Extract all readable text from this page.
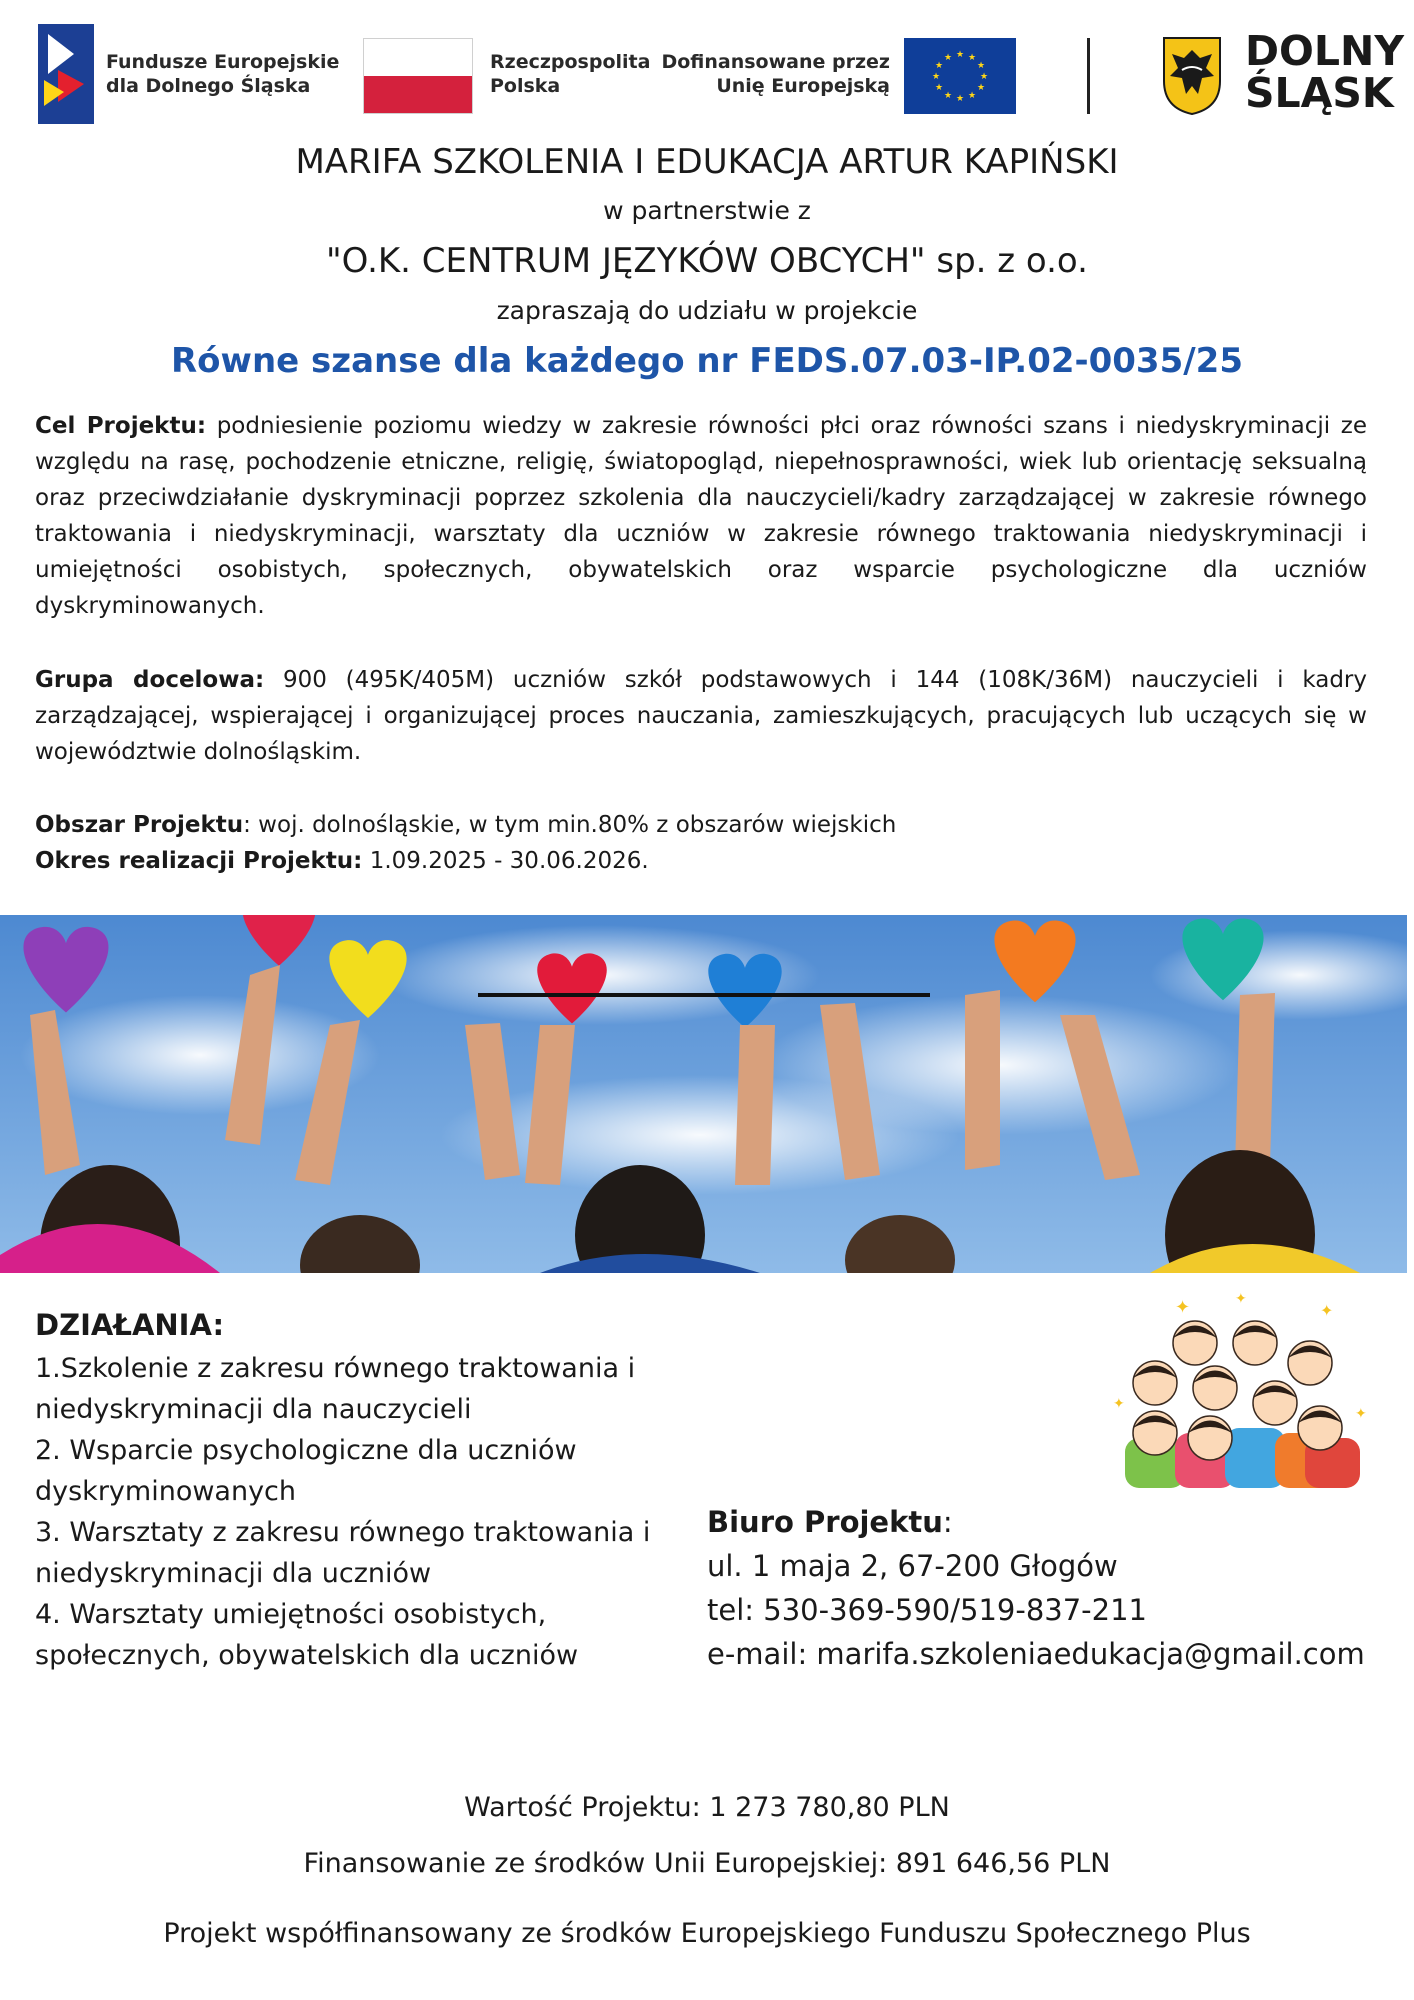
Fundusze Europejskie
dla Dolnego Śląska
Rzeczpospolita
Polska
Dofinansowane przez
Unię Europejską
★ ★
★
★
★
★
★
★
★
★
★
★	DOLNY
ŚLĄSK
MARIFA SZKOLENIA I EDUKACJA ARTUR KAPIŃSKI
w partnerstwie z
"O.K. CENTRUM JĘZYKÓW OBCYCH" sp. z o.o.
zapraszają do udziału w projekcie
Równe szanse dla każdego nr FEDS.07.03-IP.02-0035/25
Cel Projektu: podniesienie poziomu wiedzy w zakresie równości płci oraz równości szans i niedyskryminacji ze względu na rasę, pochodzenie etniczne, religię, światopogląd, niepełnosprawności, wiek lub orientację seksualną oraz przeciwdziałanie dyskryminacji poprzez szkolenia dla nauczycieli/kadry zarządzającej w zakresie równego traktowania i niedyskryminacji, warsztaty dla uczniów w zakresie równego traktowania niedyskryminacji i umiejętności osobistych, społecznych, obywatelskich oraz wsparcie psychologiczne dla uczniów dyskryminowanych.
Grupa docelowa: 900 (495K/405M) uczniów szkół podstawowych i 144 (108K/36M) nauczycieli i kadry zarządzającej, wspierającej i organizującej proces nauczania, zamieszkujących, pracujących lub uczących się w województwie dolnośląskim.
Obszar Projektu: woj. dolnośląskie, w tym min.80% z obszarów wiejskich
Okres realizacji Projektu: 1.09.2025 - 30.06.2026.
DZIAŁANIA:
1.Szkolenie z zakresu równego traktowania i niedyskryminacji dla nauczycieli
2. Wsparcie psychologiczne dla uczniów dyskryminowanych
3. Warsztaty z zakresu równego traktowania i niedyskryminacji dla uczniów
4. Warsztaty umiejętności osobistych, społecznych, obywatelskich dla uczniów
✦	✦
✦
✦
✦
Biuro Projektu:
ul. 1 maja 2, 67-200 Głogów
tel: 530-369-590/519-837-211
e-mail: marifa.szkoleniaedukacja@gmail.com
Wartość Projektu: 1 273 780,80 PLN
Finansowanie ze środków Unii Europejskiej: 891 646,56 PLN
Projekt współfinansowany ze środków Europejskiego Funduszu Społecznego Plus
